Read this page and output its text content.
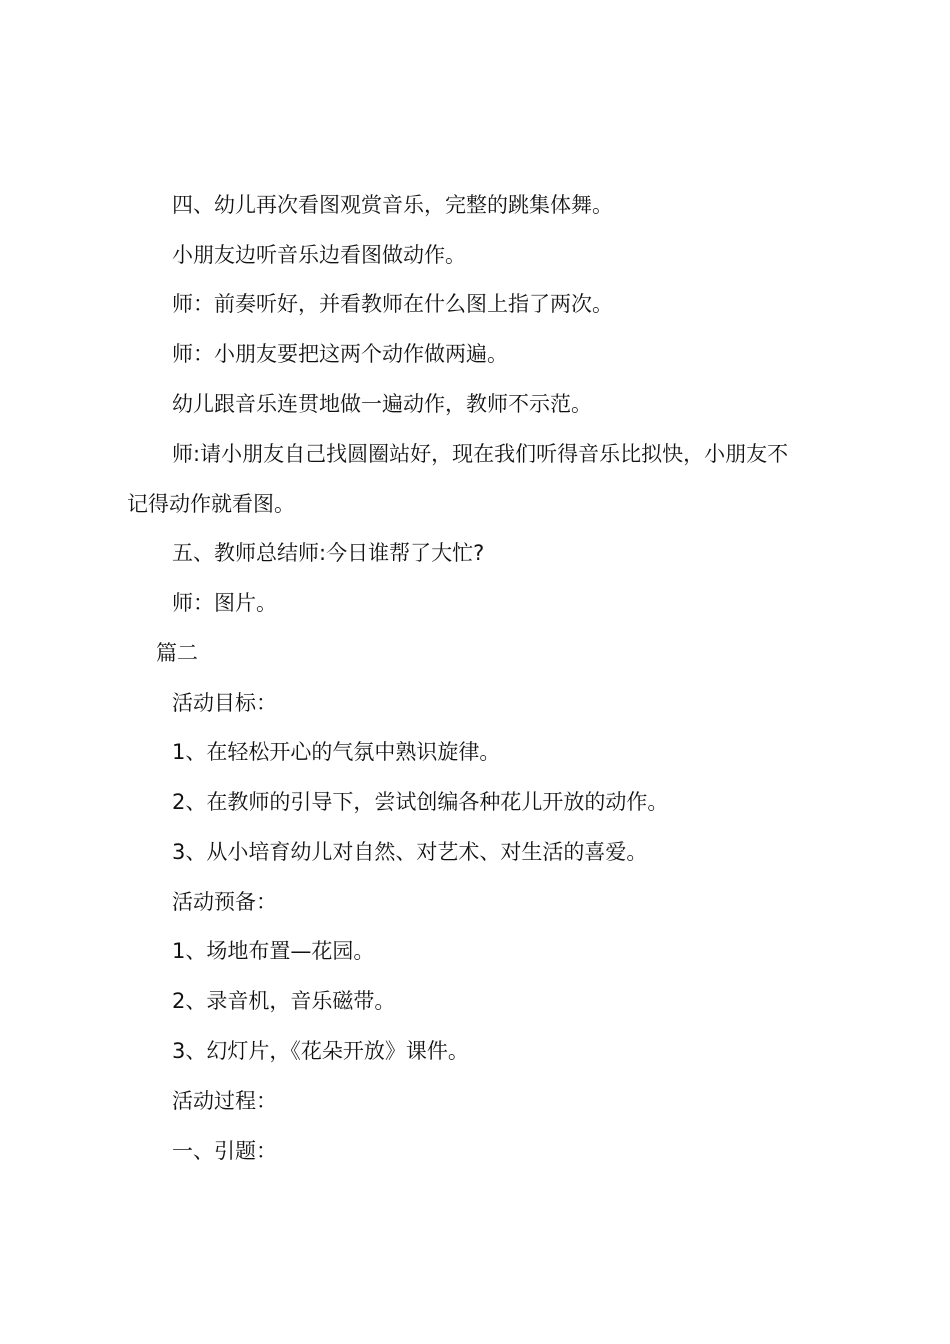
四、幼儿再次看图观赏音乐，完整的跳集体舞。
小朋友边听音乐边看图做动作。
师：前奏听好，并看教师在什么图上指了两次。
师：小朋友要把这两个动作做两遍。
幼儿跟音乐连贯地做一遍动作，教师不示范。
师:请小朋友自己找圆圈站好，现在我们听得音乐比拟快，小朋友不
记得动作就看图。
五、教师总结师:今日谁帮了大忙?
师：图片。
篇二
活动目标：
1、在轻松开心的气氛中熟识旋律。
2、在教师的引导下，尝试创编各种花儿开放的动作。
3、从小培育幼儿对自然、对艺术、对生活的喜爱。
活动预备：
1、场地布置—花园。
2、录音机，音乐磁带。
3、幻灯片，《花朵开放》课件。
活动过程：
一、引题：
